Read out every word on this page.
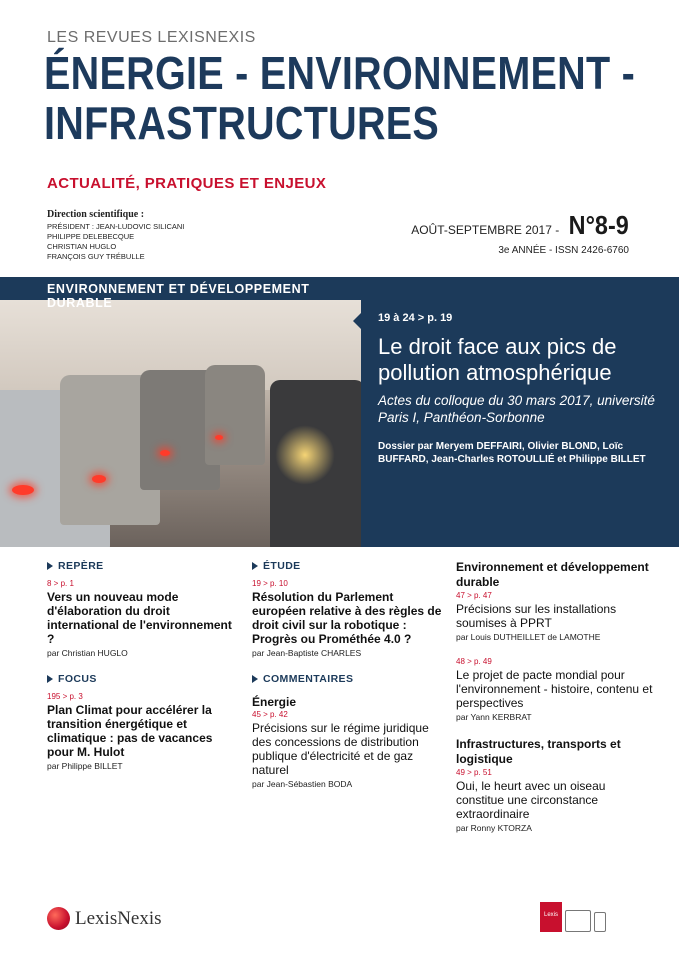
LES REVUES LEXISNEXIS
ÉNERGIE - ENVIRONNEMENT -
INFRASTRUCTURES
ACTUALITÉ, PRATIQUES ET ENJEUX
Direction scientifique :
PRÉSIDENT : JEAN-LUDOVIC SILICANI
PHILIPPE DELEBECQUE
CHRISTIAN HUGLO
FRANÇOIS GUY TRÉBULLE
AOÛT-SEPTEMBRE 2017 - N°8-9
3e ANNÉE - ISSN 2426-6760
ENVIRONNEMENT ET DÉVELOPPEMENT DURABLE
19 à 24 > p. 19
Le droit face aux pics de pollution atmosphérique
Actes du colloque du 30 mars 2017, université Paris I, Panthéon-Sorbonne
Dossier par Meryem DEFFAIRI, Olivier BLOND, Loïc BUFFARD, Jean-Charles ROTOULLIÉ et Philippe BILLET
REPÈRE
8 > p. 1
Vers un nouveau mode d'élaboration du droit international de l'environnement ?
par Christian HUGLO
FOCUS
195 > p. 3
Plan Climat pour accélérer la transition énergétique et climatique : pas de vacances pour M. Hulot
par Philippe BILLET
ÉTUDE
19 > p. 10
Résolution du Parlement européen relative à des règles de droit civil sur la robotique : Progrès ou Prométhée 4.0 ?
par Jean-Baptiste CHARLES
COMMENTAIRES
Énergie
45 > p. 42
Précisions sur le régime juridique des concessions de distribution publique d'électricité et de gaz naturel
par Jean-Sébastien BODA
Environnement et développement durable
47 > p. 47
Précisions sur les installations soumises à PPRT
par Louis DUTHEILLET de LAMOTHE
48 > p. 49
Le projet de pacte mondial pour l'environnement - histoire, contenu et perspectives
par Yann KERBRAT
Infrastructures, transports et logistique
49 > p. 51
Oui, le heurt avec un oiseau constitue une circonstance extraordinaire
par Ronny KTORZA
LexisNexis	Lexis
